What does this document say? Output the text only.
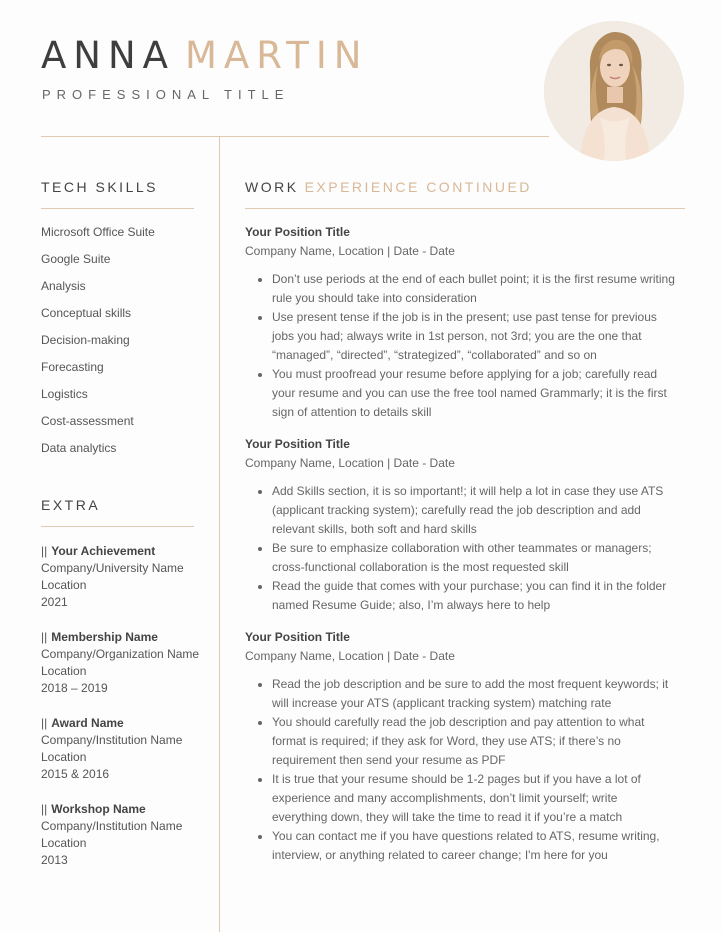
ANNA MARTIN
PROFESSIONAL TITLE
TECH SKILLS
Microsoft Office Suite
Google Suite
Analysis
Conceptual skills
Decision-making
Forecasting
Logistics
Cost-assessment
Data analytics
EXTRA
|| Your Achievement
Company/University Name
Location
2021
|| Membership Name
Company/Organization Name
Location
2018 – 2019
|| Award Name
Company/Institution Name
Location
2015 & 2016
|| Workshop Name
Company/Institution Name
Location
2013
WORK EXPERIENCE CONTINUED
Your Position Title
Company Name, Location | Date - Date
• Don’t use periods at the end of each bullet point; it is the first resume writing rule you should take into consideration
• Use present tense if the job is in the present; use past tense for previous jobs you had; always write in 1st person, not 3rd; you are the one that “managed”, “directed”, “strategized”, “collaborated” and so on
• You must proofread your resume before applying for a job; carefully read your resume and you can use the free tool named Grammarly; it is the first sign of attention to details skill
Your Position Title
Company Name, Location | Date - Date
• Add Skills section, it is so important!; it will help a lot in case they use ATS (applicant tracking system); carefully read the job description and add relevant skills, both soft and hard skills
• Be sure to emphasize collaboration with other teammates or managers; cross-functional collaboration is the most requested skill
• Read the guide that comes with your purchase; you can find it in the folder named Resume Guide; also, I’m always here to help
Your Position Title
Company Name, Location | Date - Date
• Read the job description and be sure to add the most frequent keywords; it will increase your ATS (applicant tracking system) matching rate
• You should carefully read the job description and pay attention to what format is required; if they ask for Word, they use ATS; if there’s no requirement then send your resume as PDF
• It is true that your resume should be 1-2 pages but if you have a lot of experience and many accomplishments, don’t limit yourself; write everything down, they will take the time to read it if you’re a match
• You can contact me if you have questions related to ATS, resume writing, interview, or anything related to career change; I'm here for you
